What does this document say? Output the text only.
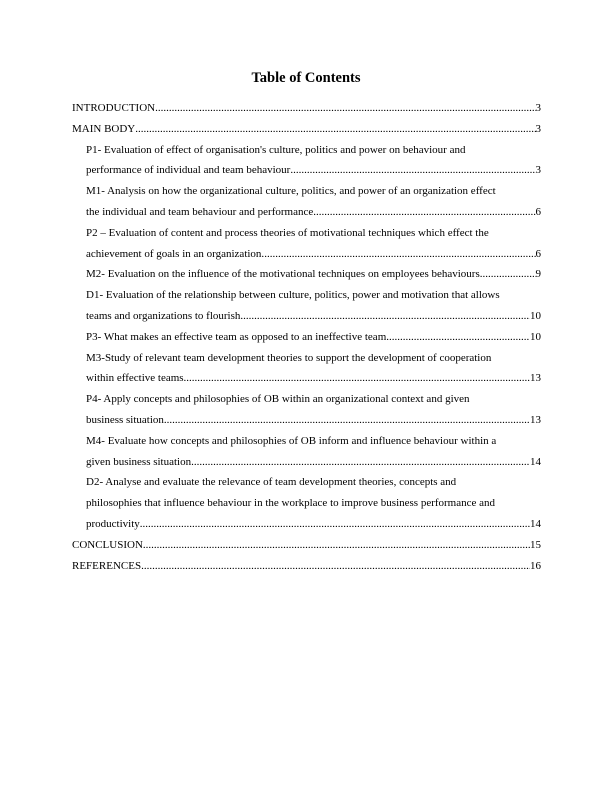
Table of Contents
INTRODUCTION .....	3
MAIN BODY .....	3
P1- Evaluation of effect of organisation's culture, politics and power on behaviour and
performance of individual and team behaviour .....	3
M1- Analysis on how the organizational culture, politics, and power of an organization effect
the individual and team behaviour and performance. .....	6
P2 – Evaluation of content and process theories of motivational techniques which effect the
achievement of goals in an organization. .....	6
M2- Evaluation on the influence of the motivational techniques on employees behaviours .....	9
D1- Evaluation of the relationship between culture, politics, power and motivation that allows
teams and organizations to flourish. .....	10
P3- What makes an effective team as opposed to an ineffective team. .....	10
M3-Study of relevant team development theories to support the development of cooperation
within effective teams. .....	13
P4- Apply concepts and philosophies of OB within an organizational context and given
business situation. .....	13
M4- Evaluate how concepts and philosophies of OB inform and influence behaviour within a
given business situation. .....	14
D2- Analyse and evaluate the relevance of team development theories, concepts and
philosophies that influence behaviour in the workplace to improve business performance and
productivity .....	14
CONCLUSION .....	15
REFERENCES .....	16
